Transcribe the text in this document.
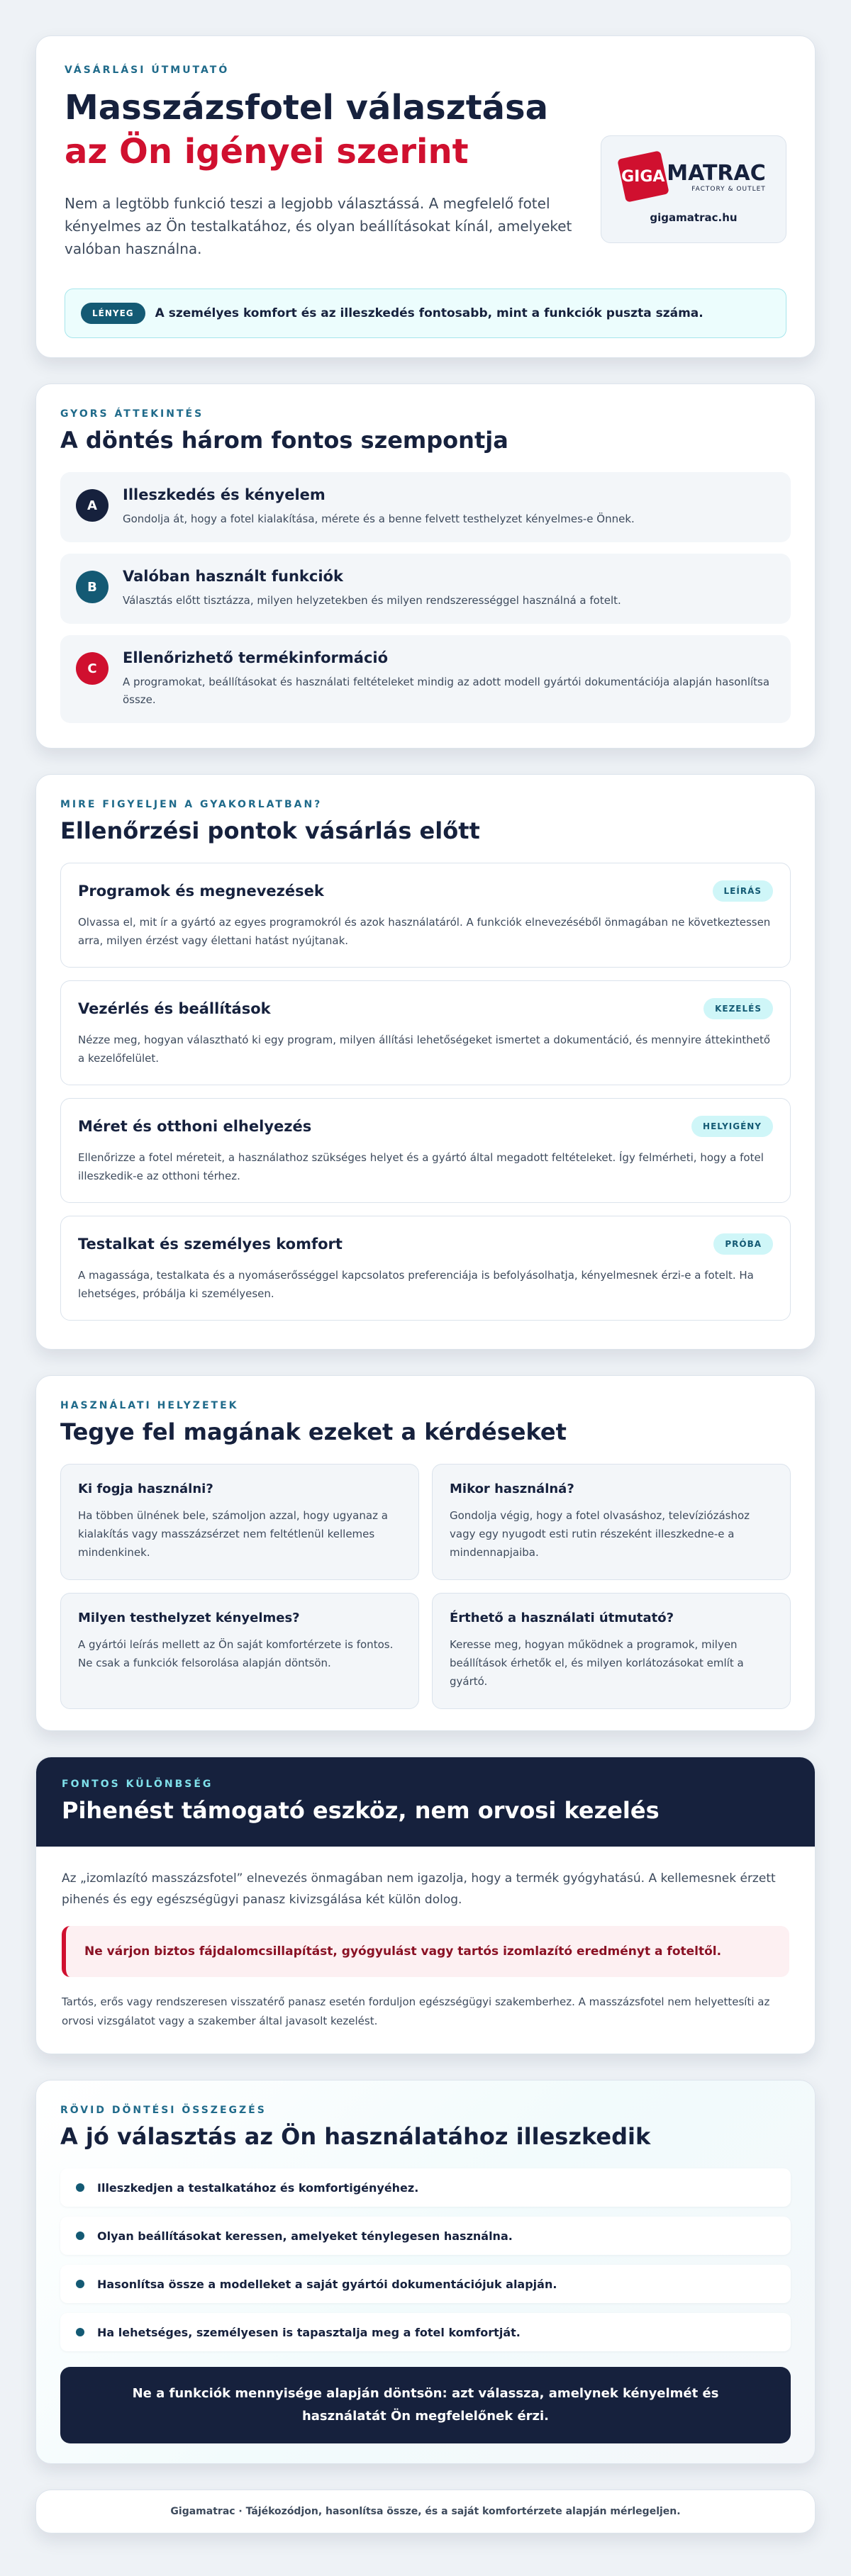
VÁSÁRLÁSI ÚTMUTATÓ
Masszázsfotel választása
az Ön igényei szerint

Nem a legtöbb funkció teszi a legjobb választássá. A megfelelő fotel kényelmes az Ön testalkatához, és olyan beállításokat kínál, amelyeket valóban használna.

GIGA MATRAC
FACTORY & OUTLET
gigamatrac.hu
LÉNYEG	A személyes komfort és az illeszkedés fontosabb, mint a funkciók puszta száma.
GYORS ÁTTEKINTÉS
A döntés három fontos szempontja
A
Illeszkedés és kényelem
Gondolja át, hogy a fotel kialakítása, mérete és a benne felvett testhelyzet kényelmes-e Önnek.
B
Valóban használt funkciók
Választás előtt tisztázza, milyen helyzetekben és milyen rendszerességgel használná a fotelt.
C
Ellenőrizhető termékinformáció
A programokat, beállításokat és használati feltételeket mindig az adott modell gyártói dokumentációja alapján hasonlítsa össze.
MIRE FIGYELJEN A GYAKORLATBAN?
Ellenőrzési pontok vásárlás előtt
Programok és megnevezések	LEÍRÁS
Olvassa el, mit ír a gyártó az egyes programokról és azok használatáról. A funkciók elnevezéséből önmagában ne következtessen arra, milyen érzést vagy élettani hatást nyújtanak.
Vezérlés és beállítások	KEZELÉS
Nézze meg, hogyan választható ki egy program, milyen állítási lehetőségeket ismertet a dokumentáció, és mennyire áttekinthető a kezelőfelület.
Méret és otthoni elhelyezés	HELYIGÉNY
Ellenőrizze a fotel méreteit, a használathoz szükséges helyet és a gyártó által megadott feltételeket. Így felmérheti, hogy a fotel illeszkedik-e az otthoni térhez.
Testalkat és személyes komfort	PRÓBA
A magassága, testalkata és a nyomáserősséggel kapcsolatos preferenciája is befolyásolhatja, kényelmesnek érzi-e a fotelt. Ha lehetséges, próbálja ki személyesen.
HASZNÁLATI HELYZETEK
Tegye fel magának ezeket a kérdéseket
Ki fogja használni?
Ha többen ülnének bele, számoljon azzal, hogy ugyanaz a kialakítás vagy masszázsérzet nem feltétlenül kellemes mindenkinek.
Mikor használná?
Gondolja végig, hogy a fotel olvasáshoz, televíziózáshoz vagy egy nyugodt esti rutin részeként illeszkedne-e a mindennapjaiba.
Milyen testhelyzet kényelmes?
A gyártói leírás mellett az Ön saját komfortérzete is fontos. Ne csak a funkciók felsorolása alapján döntsön.
Érthető a használati útmutató?
Keresse meg, hogyan működnek a programok, milyen beállítások érhetők el, és milyen korlátozásokat említ a gyártó.
FONTOS KÜLÖNBSÉG
Pihenést támogató eszköz, nem orvosi kezelés

Az „izomlazító masszázsfotel” elnevezés önmagában nem igazolja, hogy a termék gyógyhatású. A kellemesnek érzett pihenés és egy egészségügyi panasz kivizsgálása két külön dolog.

Ne várjon biztos fájdalomcsillapítást, gyógyulást vagy tartós izomlazító eredményt a foteltől.

Tartós, erős vagy rendszeresen visszatérő panasz esetén forduljon egészségügyi szakemberhez. A masszázsfotel nem helyettesíti az orvosi vizsgálatot vagy a szakember által javasolt kezelést.

RÖVID DÖNTÉSI ÖSSZEGZÉS
A jó választás az Ön használatához illeszkedik
Illeszkedjen a testalkatához és komfortigényéhez.
Olyan beállításokat keressen, amelyeket ténylegesen használna.
Hasonlítsa össze a modelleket a saját gyártói dokumentációjuk alapján.
Ha lehetséges, személyesen is tapasztalja meg a fotel komfortját.
Ne a funkciók mennyisége alapján döntsön: azt válassza, amelynek kényelmét és használatát Ön megfelelőnek érzi.
Gigamatrac · Tájékozódjon, hasonlítsa össze, és a saját komfortérzete alapján mérlegeljen.
